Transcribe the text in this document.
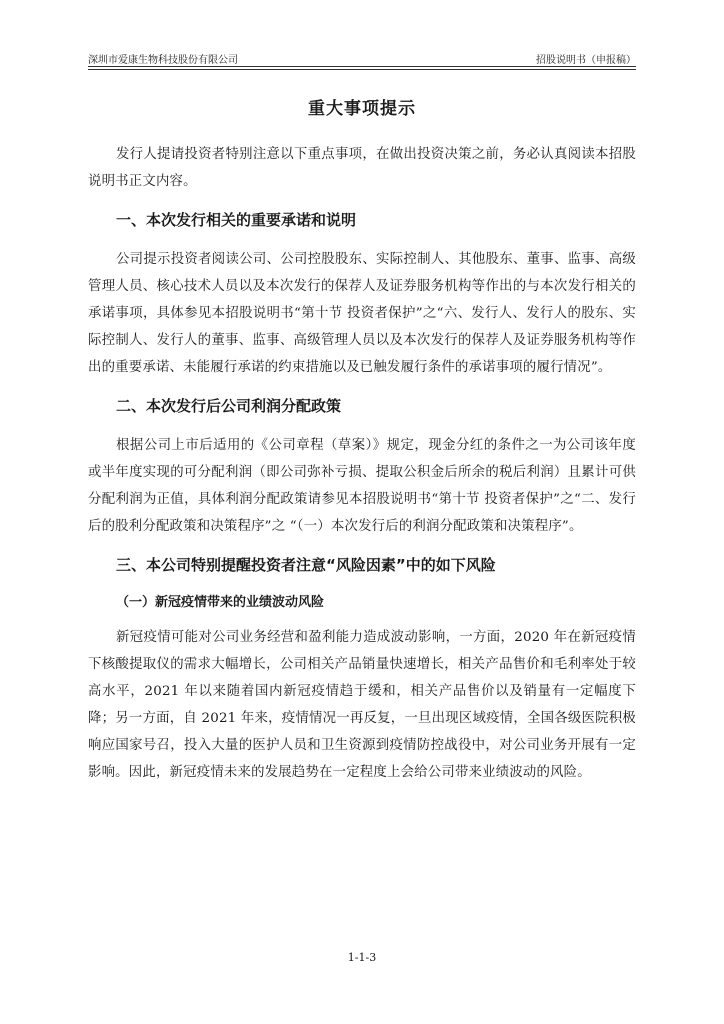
深圳市爱康生物科技股份有限公司	招股说明书（申报稿）
重大事项提示

发行人提请投资者特别注意以下重点事项，在做出投资决策之前，务必认真阅读本招股说明书正文内容。

一、本次发行相关的重要承诺和说明

公司提示投资者阅读公司、公司控股股东、实际控制人、其他股东、董事、监事、高级管理人员、核心技术人员以及本次发行的保荐人及证券服务机构等作出的与本次发行相关的承诺事项，具体参见本招股说明书“第十节 投资者保护”之“六、发行人、发行人的股东、实际控制人、发行人的董事、监事、高级管理人员以及本次发行的保荐人及证券服务机构等作出的重要承诺、未能履行承诺的约束措施以及已触发履行条件的承诺事项的履行情况”。

二、本次发行后公司利润分配政策

根据公司上市后适用的《公司章程（草案）》规定，现金分红的条件之一为公司该年度或半年度实现的可分配利润（即公司弥补亏损、提取公积金后所余的税后利润）且累计可供分配利润为正值，具体利润分配政策请参见本招股说明书“第十节 投资者保护”之“二、发行后的股利分配政策和决策程序”之 “（一）本次发行后的利润分配政策和决策程序”。

三、本公司特别提醒投资者注意“风险因素”中的如下风险
（一）新冠疫情带来的业绩波动风险

新冠疫情可能对公司业务经营和盈利能力造成波动影响，一方面，2020 年在新冠疫情下核酸提取仪的需求大幅增长，公司相关产品销量快速增长，相关产品售价和毛利率处于较高水平，2021 年以来随着国内新冠疫情趋于缓和，相关产品售价以及销量有一定幅度下降；另一方面，自 2021 年来，疫情情况一再反复，一旦出现区域疫情，全国各级医院积极响应国家号召，投入大量的医护人员和卫生资源到疫情防控战役中，对公司业务开展有一定影响。因此，新冠疫情未来的发展趋势在一定程度上会给公司带来业绩波动的风险。

1-1-3
